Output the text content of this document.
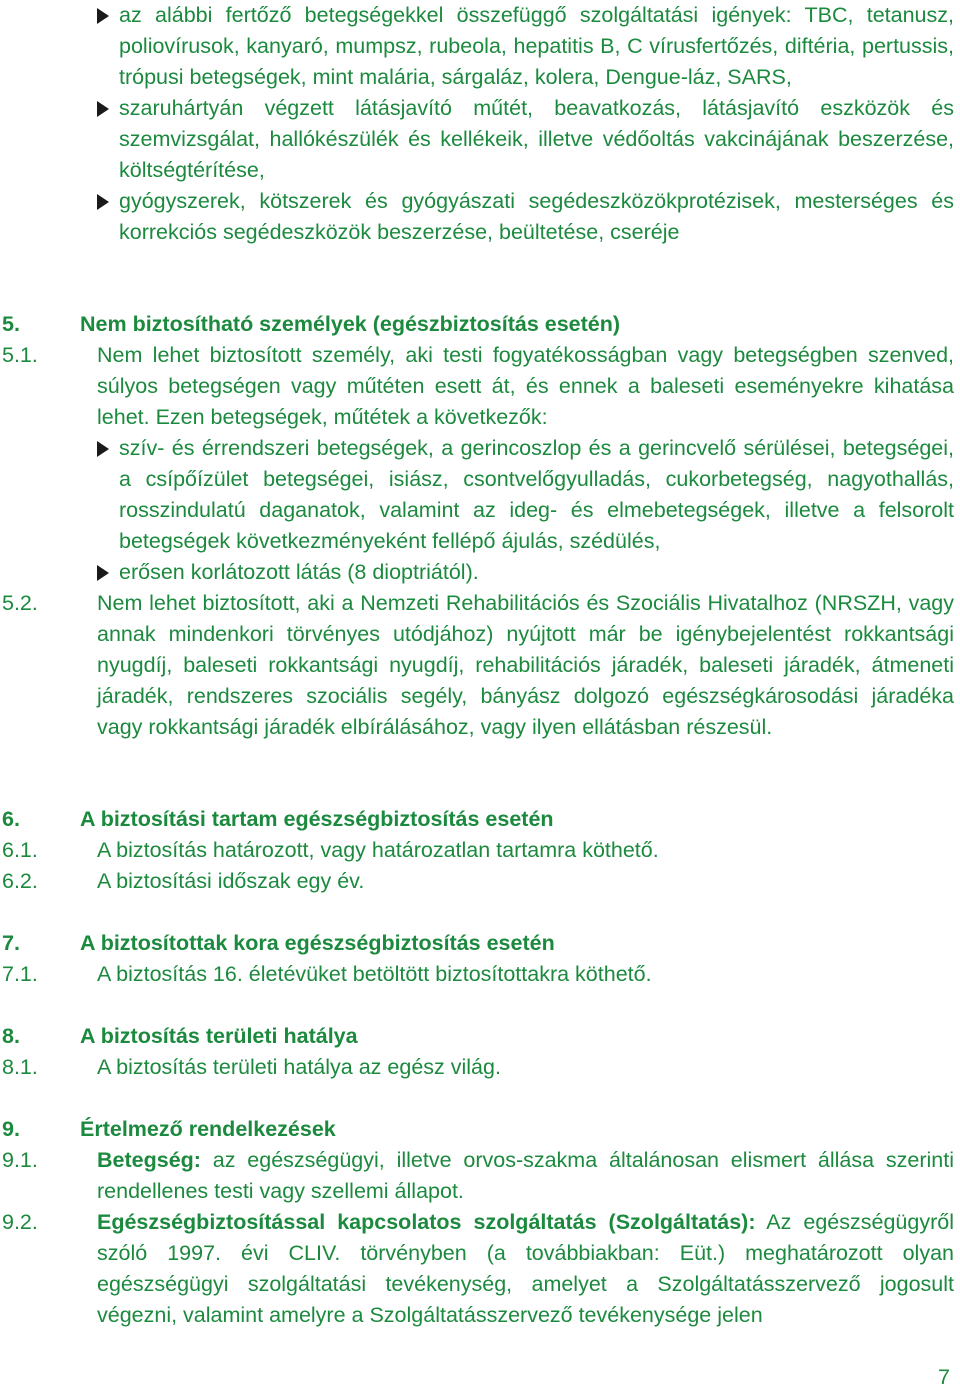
az alábbi fertőző betegségekkel összefüggő szolgáltatási igények: TBC, tetanusz, poliovírusok, kanyaró, mumpsz, rubeola, hepatitis B, C vírusfertőzés, diftéria, pertussis, trópusi betegségek, mint malária, sárgaláz, kolera, Dengue-láz, SARS,

szaruhártyán végzett látásjavító műtét, beavatkozás, látásjavító eszközök és szemvizsgálat, hallókészülék és kellékeik, illetve védőoltás vakcinájának beszerzése, költségtérítése,

gyógyszerek, kötszerek és gyógyászati segédeszközökprotézisek, mesterséges és korrekciós segédeszközök beszerzése, beültetése, cseréje

5.	Nem biztosítható személyek (egészbiztosítás esetén)
5.1.	Nem lehet biztosított személy, aki testi fogyatékosságban vagy betegségben szenved, súlyos betegségen vagy műtéten esett át, és ennek a baleseti eseményekre kihatása lehet. Ezen betegségek, műtétek a következők:

szív- és érrendszeri betegségek, a gerincoszlop és a gerincvelő sérülései, betegségei, a csípőízület betegségei, isiász, csontvelőgyulladás, cukorbetegség, nagyothallás, rosszindulatú daganatok, valamint az ideg- és elmebetegségek, illetve a felsorolt betegségek következményeként fellépő ájulás, szédülés,

erősen korlátozott látás (8 dioptriától).

5.2.	Nem lehet biztosított, aki a Nemzeti Rehabilitációs és Szociális Hivatalhoz (NRSZH, vagy annak mindenkori törvényes utódjához) nyújtott már be igénybejelentést rokkantsági nyugdíj, baleseti rokkantsági nyugdíj, rehabilitációs járadék, baleseti járadék, átmeneti járadék, rendszeres szociális segély, bányász dolgozó egészségkárosodási járadéka vagy rokkantsági járadék elbírálásához, vagy ilyen ellátásban részesül.

6.	A biztosítási tartam egészségbiztosítás esetén
6.1.	A biztosítás határozott, vagy határozatlan tartamra köthető.

6.2.	A biztosítási időszak egy év.

7.	A biztosítottak kora egészségbiztosítás esetén
7.1.	A biztosítás 16. életévüket betöltött biztosítottakra köthető.

8.	A biztosítás területi hatálya
8.1.	A biztosítás területi hatálya az egész világ.

9.	Értelmező rendelkezések
9.1.	Betegség: az egészségügyi, illetve orvos-szakma általánosan elismert állása szerinti rendellenes testi vagy szellemi állapot.

9.2.	Egészségbiztosítással kapcsolatos szolgáltatás (Szolgáltatás): Az egészségügyről szóló 1997. évi CLIV. törvényben (a továbbiakban: Eüt.) meghatározott olyan egészségügyi szolgáltatási tevékenység, amelyet a Szolgáltatásszervező jogosult végezni, valamint amelyre a Szolgáltatásszervező tevékenysége jelen

7
